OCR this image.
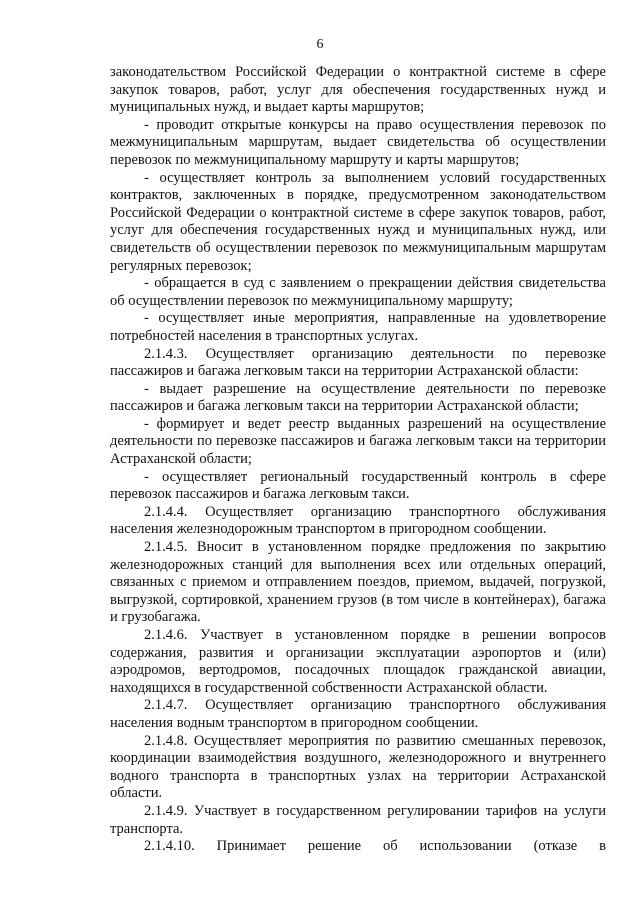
6

законодательством Российской Федерации о контрактной системе в сфере закупок товаров, работ, услуг для обеспечения государственных нужд и муниципальных нужд, и выдает карты маршрутов;

- проводит открытые конкурсы на право осуществления перевозок по межмуниципальным маршрутам, выдает свидетельства об осуществлении перевозок по межмуниципальному маршруту и карты маршрутов;

- осуществляет контроль за выполнением условий государственных контрактов, заключенных в порядке, предусмотренном законодательством Российской Федерации о контрактной системе в сфере закупок товаров, работ, услуг для обеспечения государственных нужд и муниципальных нужд, или свидетельств об осуществлении перевозок по межмуниципальным маршрутам регулярных перевозок;

- обращается в суд с заявлением о прекращении действия свидетельства об осуществлении перевозок по межмуниципальному маршруту;

- осуществляет иные мероприятия, направленные на удовлетворение потребностей населения в транспортных услугах.

2.1.4.3. Осуществляет организацию деятельности по перевозке пассажиров и багажа легковым такси на территории Астраханской области:

- выдает разрешение на осуществление деятельности по перевозке пассажиров и багажа легковым такси на территории Астраханской области;

- формирует и ведет реестр выданных разрешений на осуществление деятельности по перевозке пассажиров и багажа легковым такси на территории Астраханской области;

- осуществляет региональный государственный контроль в сфере перевозок пассажиров и багажа легковым такси.

2.1.4.4. Осуществляет организацию транспортного обслуживания населения железнодорожным транспортом в пригородном сообщении.

2.1.4.5. Вносит в установленном порядке предложения по закрытию железнодорожных станций для выполнения всех или отдельных операций, связанных с приемом и отправлением поездов, приемом, выдачей, погрузкой, выгрузкой, сортировкой, хранением грузов (в том числе в контейнерах), багажа и грузобагажа.

2.1.4.6. Участвует в установленном порядке в решении вопросов содержания, развития и организации эксплуатации аэропортов и (или) аэродромов, вертодромов, посадочных площадок гражданской авиации, находящихся в государственной собственности Астраханской области.

2.1.4.7. Осуществляет организацию транспортного обслуживания населения водным транспортом в пригородном сообщении.

2.1.4.8. Осуществляет мероприятия по развитию смешанных перевозок, координации взаимодействия воздушного, железнодорожного и внутреннего водного транспорта в транспортных узлах на территории Астраханской области.

2.1.4.9. Участвует в государственном регулировании тарифов на услуги транспорта.

2.1.4.10. Принимает решение об использовании (отказе в
